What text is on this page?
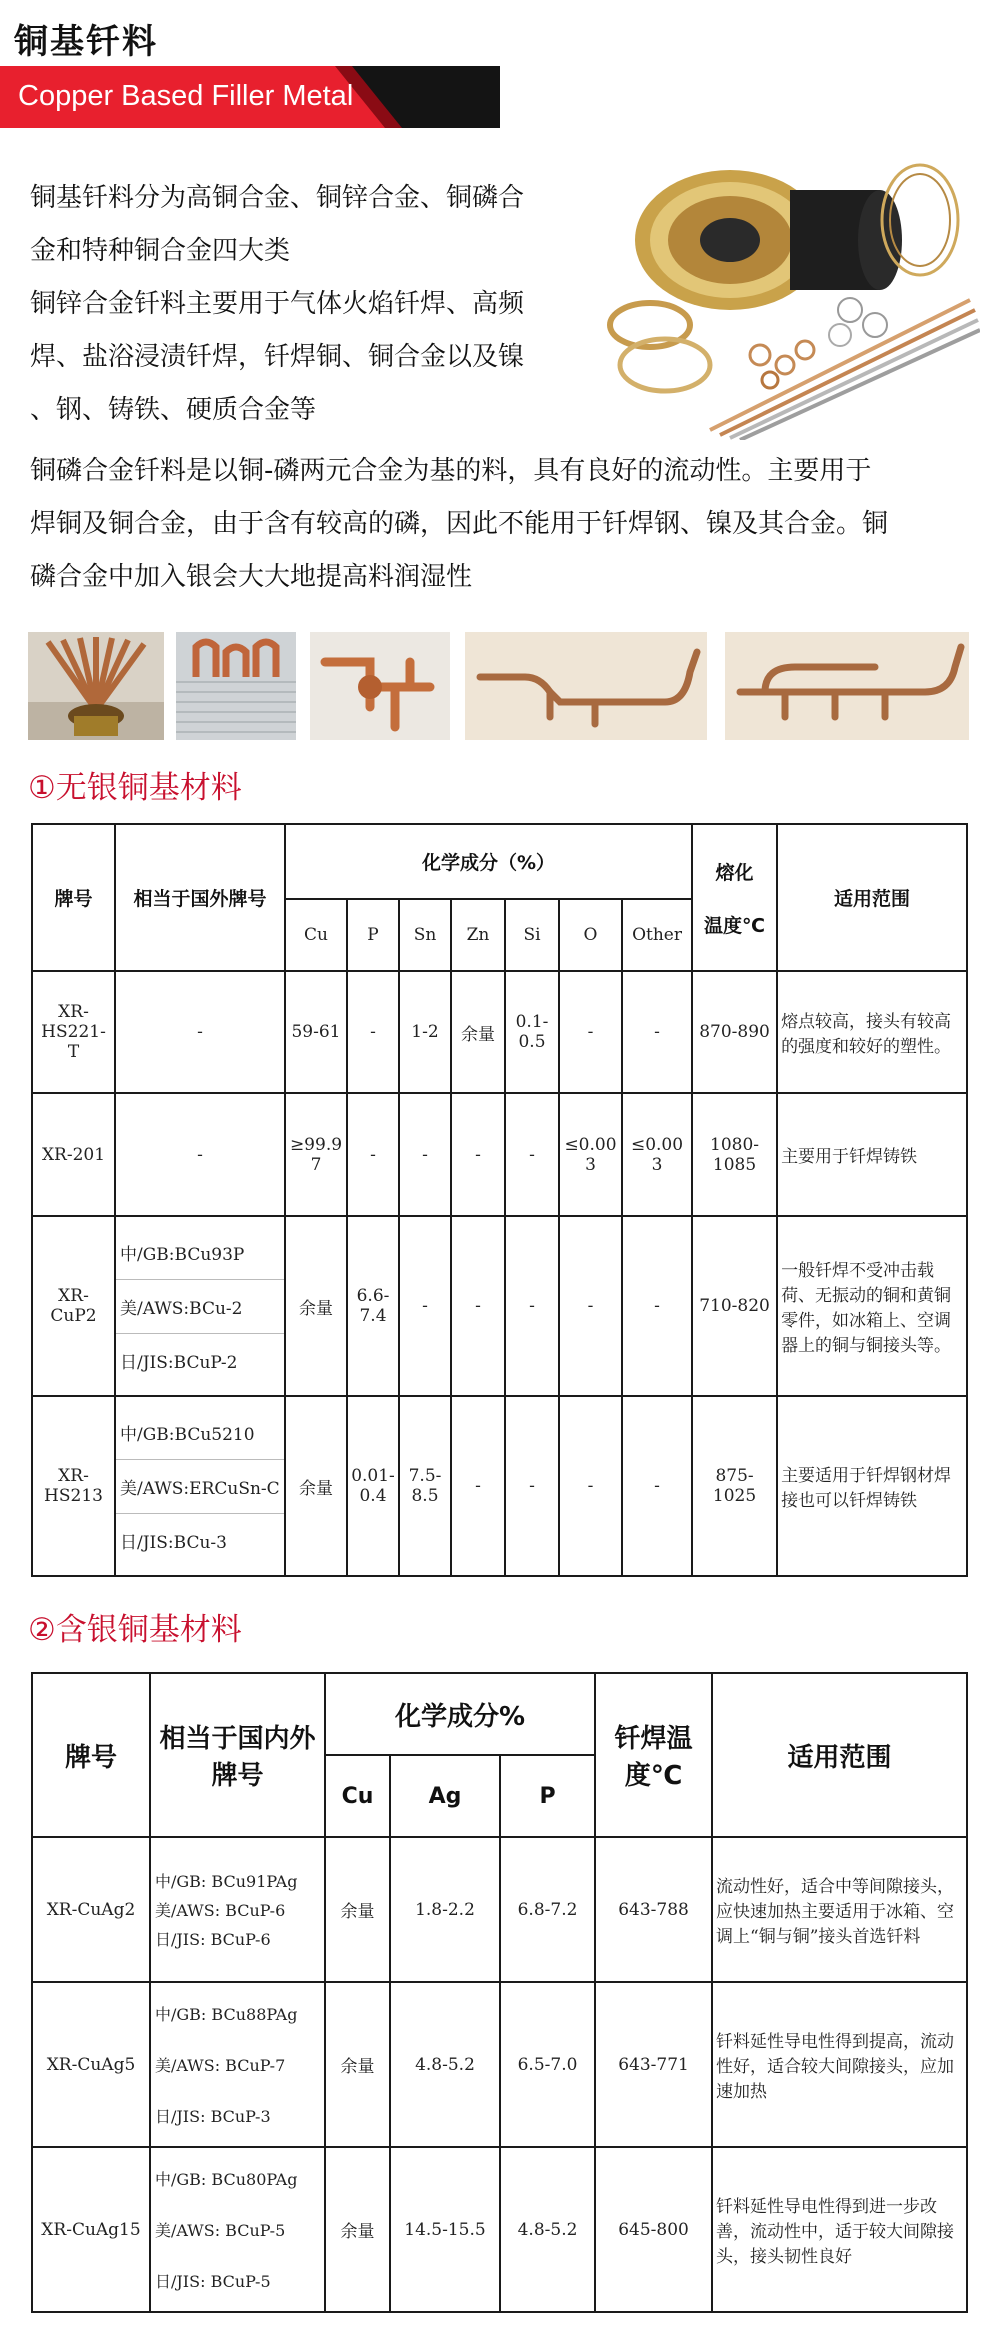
铜基钎料
Copper Based Filler Metal
铜基钎料分为高铜合金、铜锌合金、铜磷合
金和特种铜合金四大类
铜锌合金钎料主要用于气体火焰钎焊、高频
焊、盐浴浸渍钎焊，钎焊铜、铜合金以及镍
、钢、铸铁、硬质合金等
铜磷合金钎料是以铜-磷两元合金为基的料，具有良好的流动性。主要用于
焊铜及铜合金，由于含有较高的磷，因此不能用于钎焊钢、镍及其合金。铜
磷合金中加入银会大大地提高料润湿性
①无银铜基材料
牌号	相当于国外牌号	化学成分（%）							熔化
温度℃	适用范围
		Cu	P	Sn	Zn	Si	O	Other		
XR-HS221-T	-	59-61	-	1-2	余量	0.1-0.5	-	-	870-890	熔点较高，接头有较高的强度和较好的塑性。
XR-201	-	≥99.97	-	-	-	-	≤0.003	≤0.003	1080-1085	主要用于钎焊铸铁
XR-CuP2	中/GB:BCu93P
美/AWS:BCu-2
日/JIS:BCuP-2	余量	6.6-7.4	-	-	-	-	-	710-820	一般钎焊不受冲击载荷、无振动的铜和黄铜零件，如冰箱上、空调器上的铜与铜接头等。
XR-HS213	中/GB:BCu5210
美/AWS:ERCuSn-C
日/JIS:BCu-3	余量	0.01-0.4	7.5-8.5	-	-	-	-	875-1025	主要适用于钎焊钢材焊接也可以钎焊铸铁
②含银铜基材料
牌号	相当于国内外牌号	化学成分%			钎焊温度℃	适用范围
		Cu	Ag	P		
XR-CuAg2	中/GB: BCu91PAg
美/AWS: BCuP-6
日/JIS: BCuP-6	余量	1.8-2.2	6.8-7.2	643-788	流动性好，适合中等间隙接头，应快速加热主要适用于冰箱、空调上“铜与铜”接头首选钎料
XR-CuAg5	中/GB: BCu88PAg
美/AWS: BCuP-7
日/JIS: BCuP-3	余量	4.8-5.2	6.5-7.0	643-771	钎料延性导电性得到提高，流动性好，适合较大间隙接头，应加速加热
XR-CuAg15	中/GB: BCu80PAg
美/AWS: BCuP-5
日/JIS: BCuP-5	余量	14.5-15.5	4.8-5.2	645-800	钎料延性导电性得到进一步改善，流动性中，适于较大间隙接头，接头韧性良好
